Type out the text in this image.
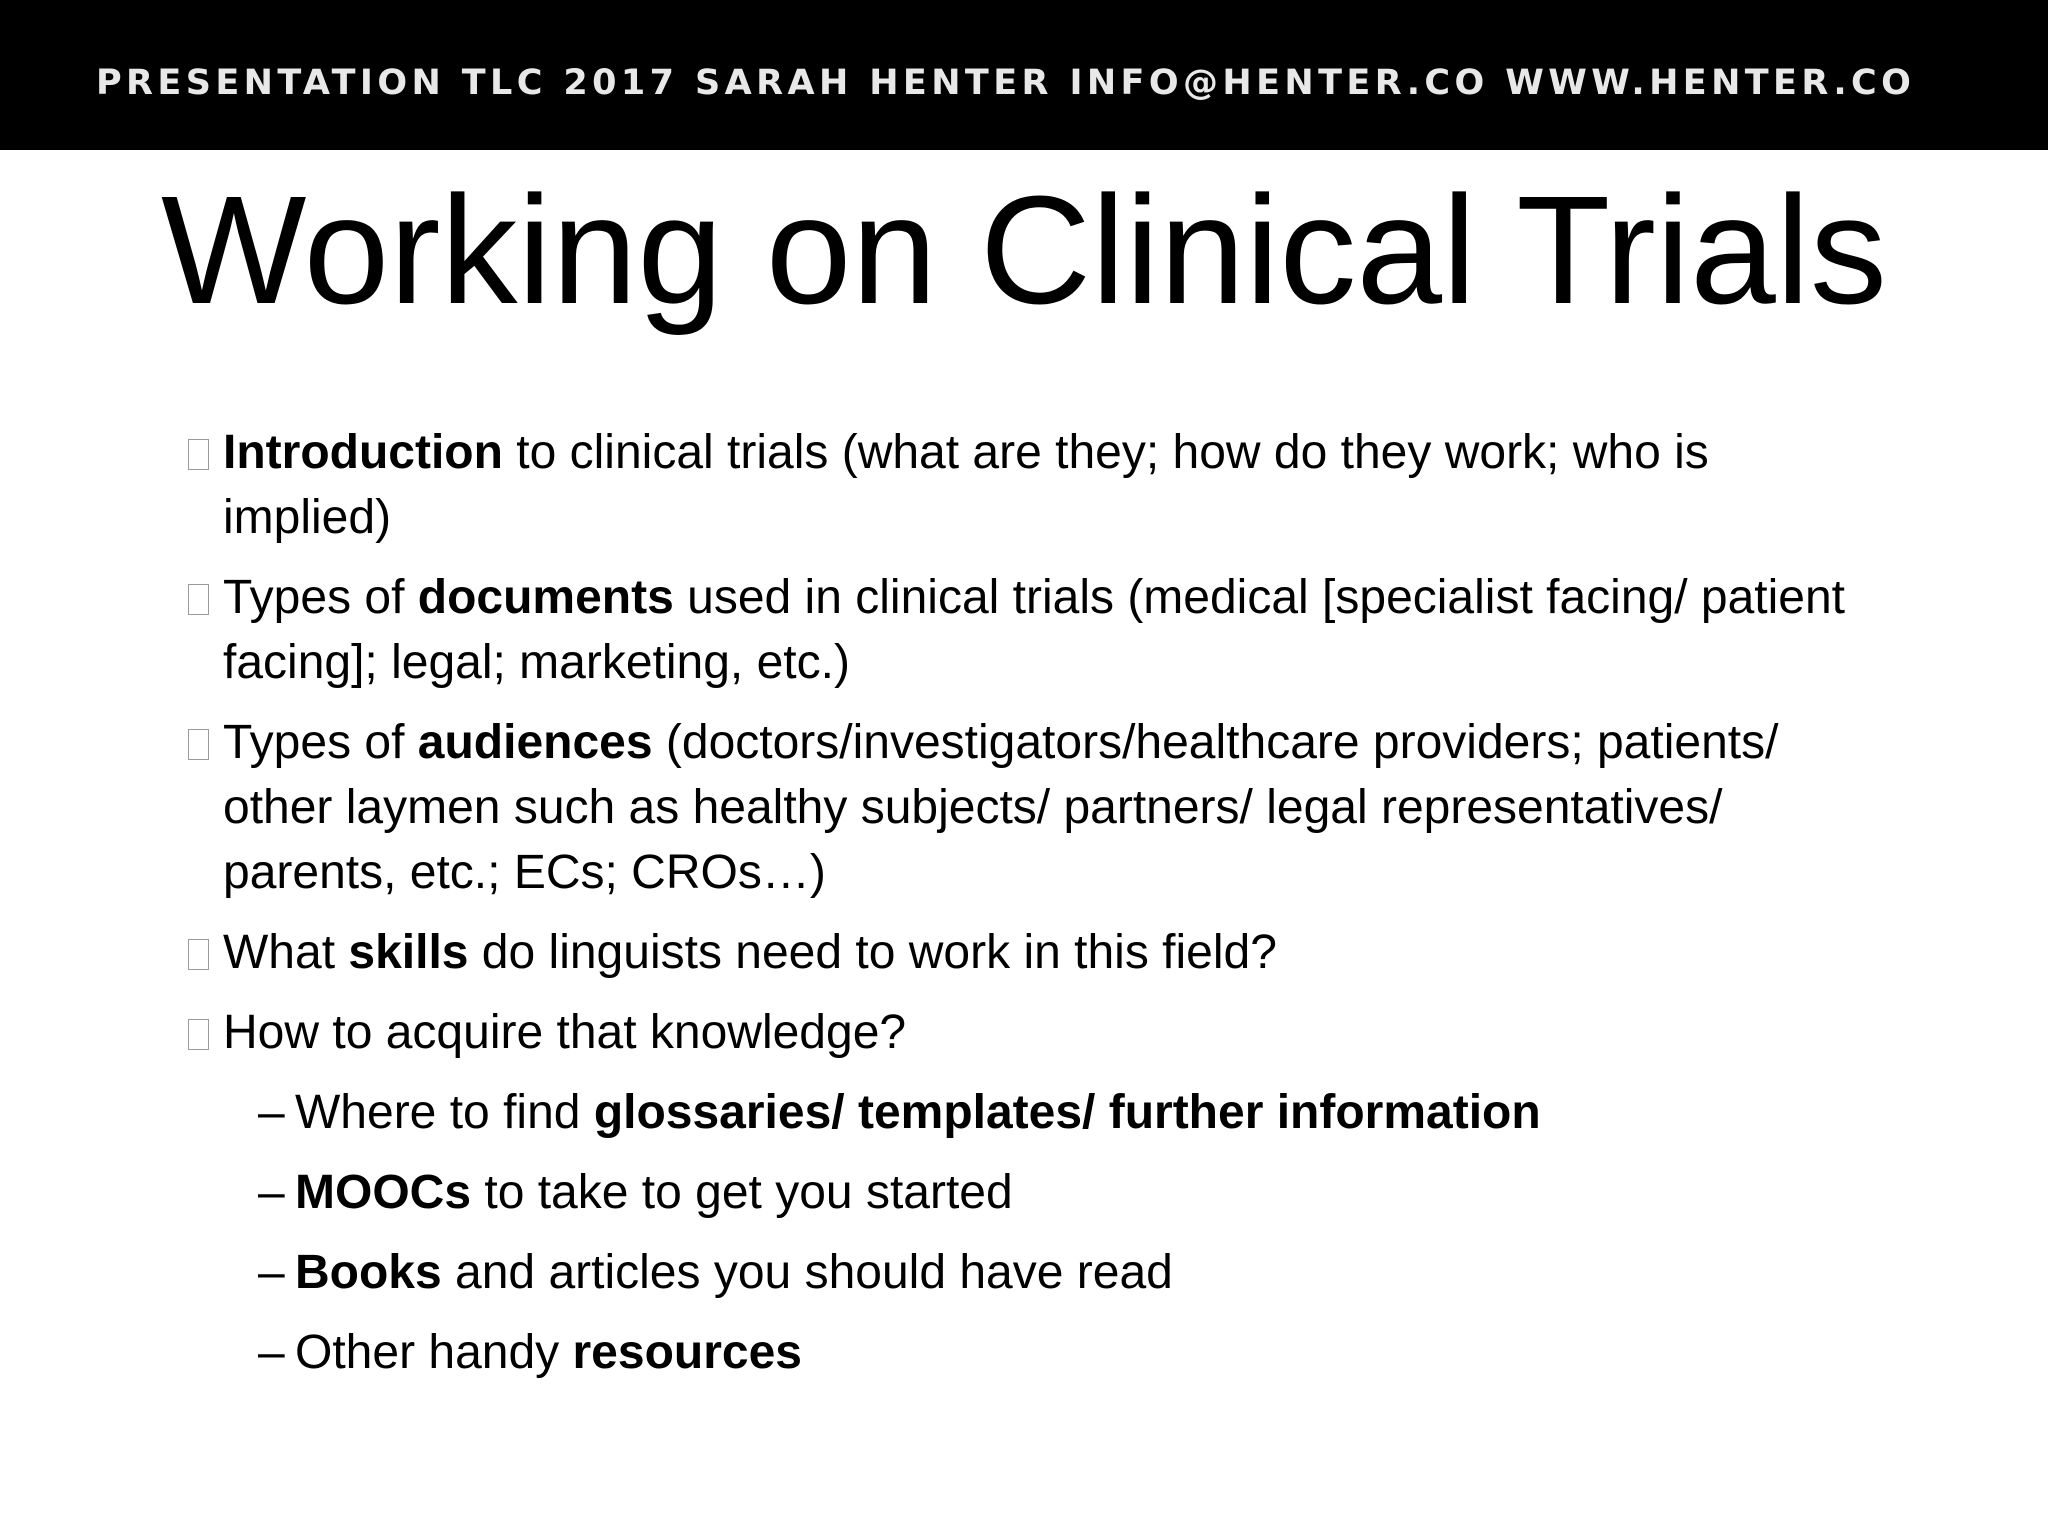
PRESENTATION TLC 2017 SARAH HENTER INFO@HENTER.CO WWW.HENTER.CO
Working on Clinical Trials
Introduction to clinical trials (what are they; how do they work; who is implied)
Types of documents used in clinical trials (medical [specialist facing/ patient facing]; legal; marketing, etc.)
Types of audiences (doctors/investigators/healthcare providers; patients/ other laymen such as healthy subjects/ partners/ legal representatives/ parents, etc.; ECs; CROs…)
What skills do linguists need to work in this field?
How to acquire that knowledge?
– Where to find glossaries/ templates/ further information
– MOOCs to take to get you started
– Books and articles you should have read
– Other handy resources
